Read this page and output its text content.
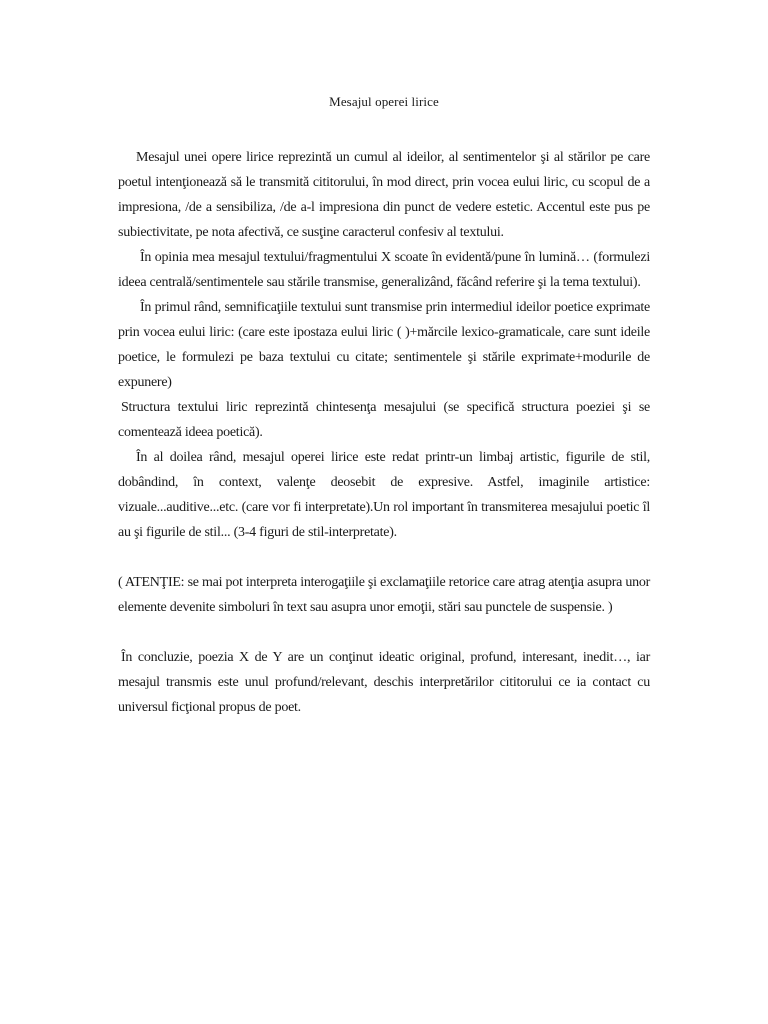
Mesajul operei lirice

Mesajul unei opere lirice reprezintă un cumul al ideilor, al sentimentelor şi al stărilor pe care poetul intenţionează să le transmită cititorului, în mod direct, prin vocea eului liric, cu scopul de a impresiona, /de a sensibiliza, /de a-l impresiona din punct de vedere estetic. Accentul este pus pe subiectivitate, pe nota afectivă, ce susţine caracterul confesiv al textului.

În opinia mea mesajul textului/fragmentului X scoate în evidentă/pune în lumină… (formulezi ideea centrală/sentimentele sau stările transmise, generalizând, făcând referire şi la tema textului).

În primul rând, semnificaţiile textului sunt transmise prin intermediul ideilor poetice exprimate prin vocea eului liric: (care este ipostaza eului liric ( )+mărcile lexico-gramaticale, care sunt ideile poetice, le formulezi pe baza textului cu citate; sentimentele şi stările exprimate+modurile de expunere)

Structura textului liric reprezintă chintesenţa mesajului (se specifică structura poeziei şi se comentează ideea poetică).

În al doilea rând, mesajul operei lirice este redat printr-un limbaj artistic, figurile de stil, dobândind, în context, valenţe deosebit de expresive. Astfel, imaginile artistice: vizuale...auditive...etc. (care vor fi interpretate).Un rol important în transmiterea mesajului poetic îl au şi figurile de stil... (3-4 figuri de stil-interpretate).

( ATENŢIE: se mai pot interpreta interogaţiile şi exclamaţiile retorice care atrag atenţia asupra unor elemente devenite simboluri în text sau asupra unor emoţii, stări sau punctele de suspensie. )

În concluzie, poezia X de Y are un conţinut ideatic original, profund, interesant, inedit…, iar mesajul transmis este unul profund/relevant, deschis interpretărilor cititorului ce ia contact cu universul ficţional propus de poet.
